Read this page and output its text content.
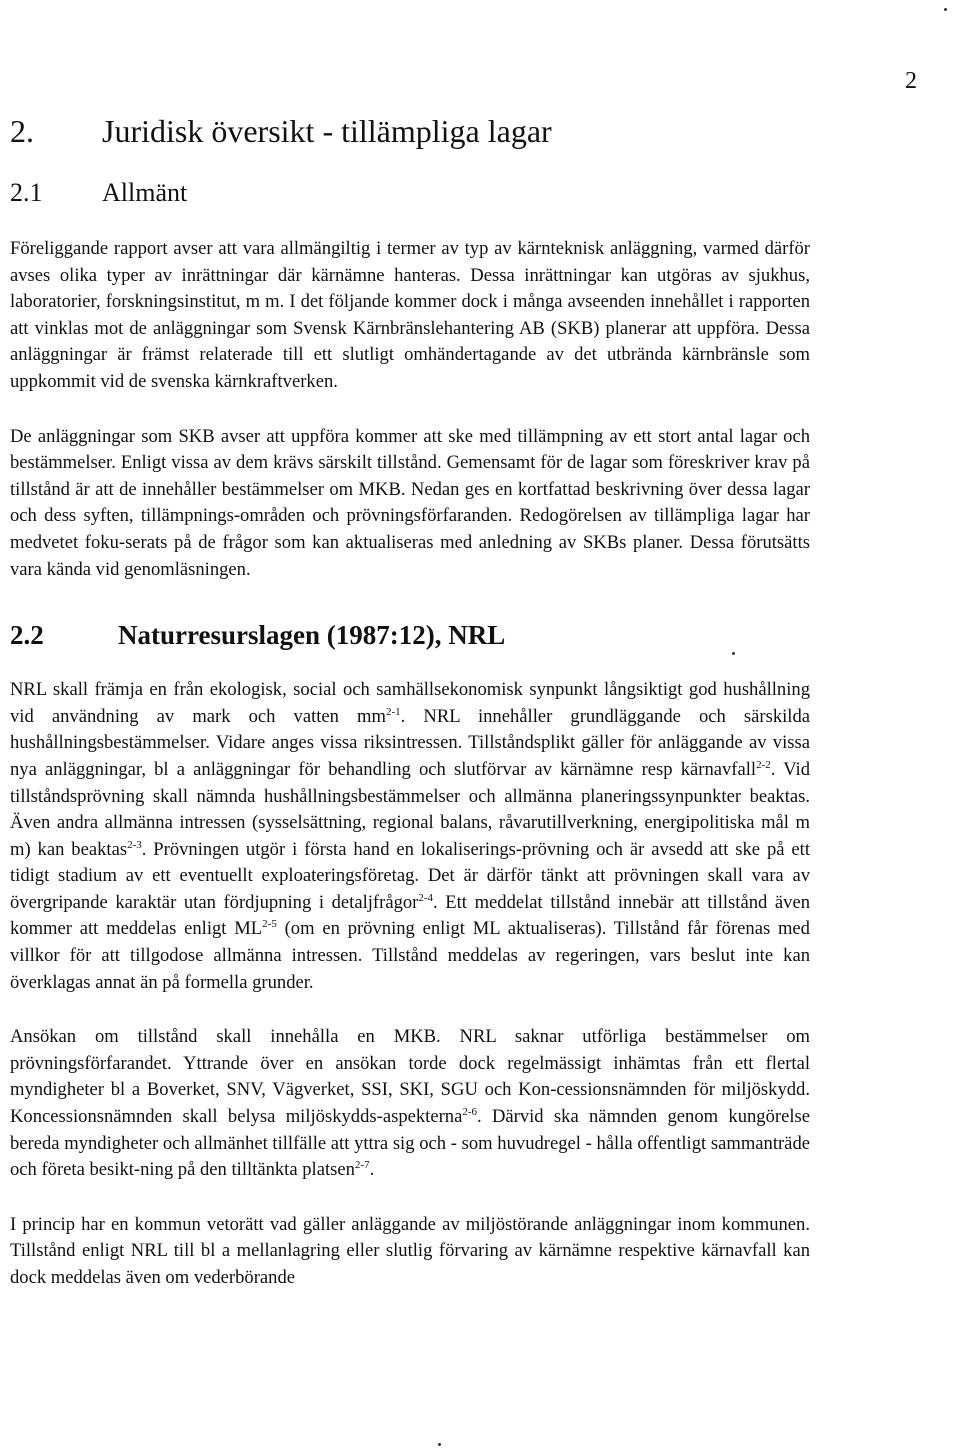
2
2. Juridisk översikt - tillämpliga lagar
2.1 Allmänt

Föreliggande rapport avser att vara allmängiltig i termer av typ av kärnteknisk anläggning, varmed därför avses olika typer av inrättningar där kärnämne hanteras. Dessa inrättningar kan utgöras av sjukhus, laboratorier, forskningsinstitut, m m. I det följande kommer dock i många avseenden innehållet i rapporten att vinklas mot de anläggningar som Svensk Kärnbränslehantering AB (SKB) planerar att uppföra. Dessa anläggningar är främst relaterade till ett slutligt omhändertagande av det utbrända kärnbränsle som uppkommit vid de svenska kärnkraftverken.

De anläggningar som SKB avser att uppföra kommer att ske med tillämpning av ett stort antal lagar och bestämmelser. Enligt vissa av dem krävs särskilt tillstånd. Gemensamt för de lagar som föreskriver krav på tillstånd är att de innehåller bestämmelser om MKB. Nedan ges en kortfattad beskrivning över dessa lagar och dess syften, tillämpnings-områden och prövningsförfaranden. Redogörelsen av tillämpliga lagar har medvetet foku-serats på de frågor som kan aktualiseras med anledning av SKBs planer. Dessa förutsätts vara kända vid genomläsningen.

2.2	Naturresurslagen (1987:12), NRL

NRL skall främja en från ekologisk, social och samhällsekonomisk synpunkt långsiktigt god hushållning vid användning av mark och vatten $mm^{2-1}$. NRL innehåller grundläggande och särskilda hushållningsbestämmelser. Vidare anges vissa riksintressen. Tillståndsplikt gäller för anläggande av vissa nya anläggningar, bl a anläggningar för behandling och slutförvar av kärnämne resp kärnavfall$^{2-2}$. Vid tillståndsprövning skall nämnda hushållningsbestämmelser och allmänna planeringssynpunkter beaktas. Även andra allmänna intressen (sysselsättning, regional balans, råvarutillverkning, energipolitiska mål m m) kan beaktas$^{2-3}$. Prövningen utgör i första hand en lokaliserings-prövning och är avsedd att ske på ett tidigt stadium av ett eventuellt exploateringsföretag. Det är därför tänkt att prövningen skall vara av övergripande karaktär utan fördjupning i detaljfrågor$^{2-4}$. Ett meddelat tillstånd innebär att tillstånd även kommer att meddelas enligt ML$^{2-5}$ (om en prövning enligt ML aktualiseras). Tillstånd får förenas med villkor för att tillgodose allmänna intressen. Tillstånd meddelas av regeringen, vars beslut inte kan överklagas annat än på formella grunder.

Ansökan om tillstånd skall innehålla en MKB. NRL saknar utförliga bestämmelser om prövningsförfarandet. Yttrande över en ansökan torde dock regelmässigt inhämtas från ett flertal myndigheter bl a Boverket, SNV, Vägverket, SSI, SKI, SGU och Kon-cessionsnämnden för miljöskydd. Koncessionsnämnden skall belysa miljöskydds-aspekterna$^{2-6}$. Därvid ska nämnden genom kungörelse bereda myndigheter och allmänhet tillfälle att yttra sig och - som huvudregel - hålla offentligt sammanträde och företa besikt-ning på den tilltänkta platsen$^{2-7}$.

I princip har en kommun vetorätt vad gäller anläggande av miljöstörande anläggningar inom kommunen. Tillstånd enligt NRL till bl a mellanlagring eller slutlig förvaring av kärnämne respektive kärnavfall kan dock meddelas även om vederbörande
